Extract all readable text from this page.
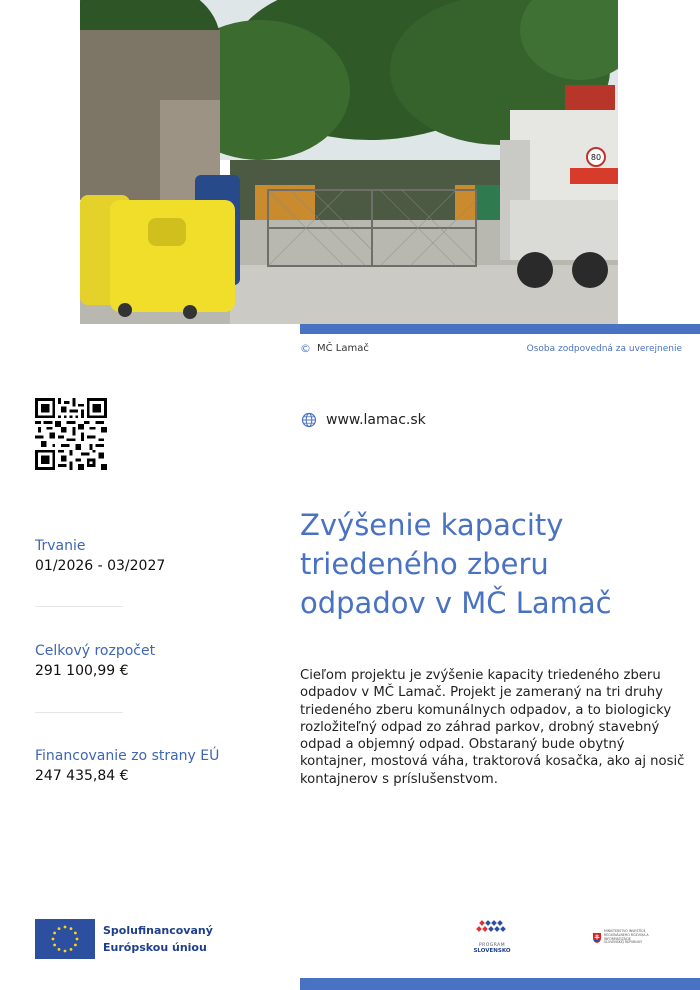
80
© MČ Lamač	Osoba zodpovedná za uverejnenie
www.lamac.sk
Zvýšenie kapacity triedeného zberu odpadov v MČ Lamač

Cieľom projektu je zvýšenie kapacity triedeného zberu odpadov v MČ Lamač. Projekt je zameraný na tri druhy triedeného zberu komunálnych odpadov, a to biologicky rozložiteľný odpad zo záhrad parkov, drobný stavebný odpad a objemný odpad. Obstaraný bude obytný kontajner, mostová váha, traktorová kosačka, ako aj nosič kontajnerov s príslušenstvom.

Trvanie
01/2026 - 03/2027
Celkový rozpočet
291 100,99 €
Financovanie zo strany EÚ
247 435,84 €
Spolufinancovaný
Európskou úniou	PROGRAM
SLOVENSKO
MINISTERSTVO INVESTÍCIÍ, REGIONÁLNEHO ROZVOJA A INFORMATIZÁCIE SLOVENSKEJ REPUBLIKY
